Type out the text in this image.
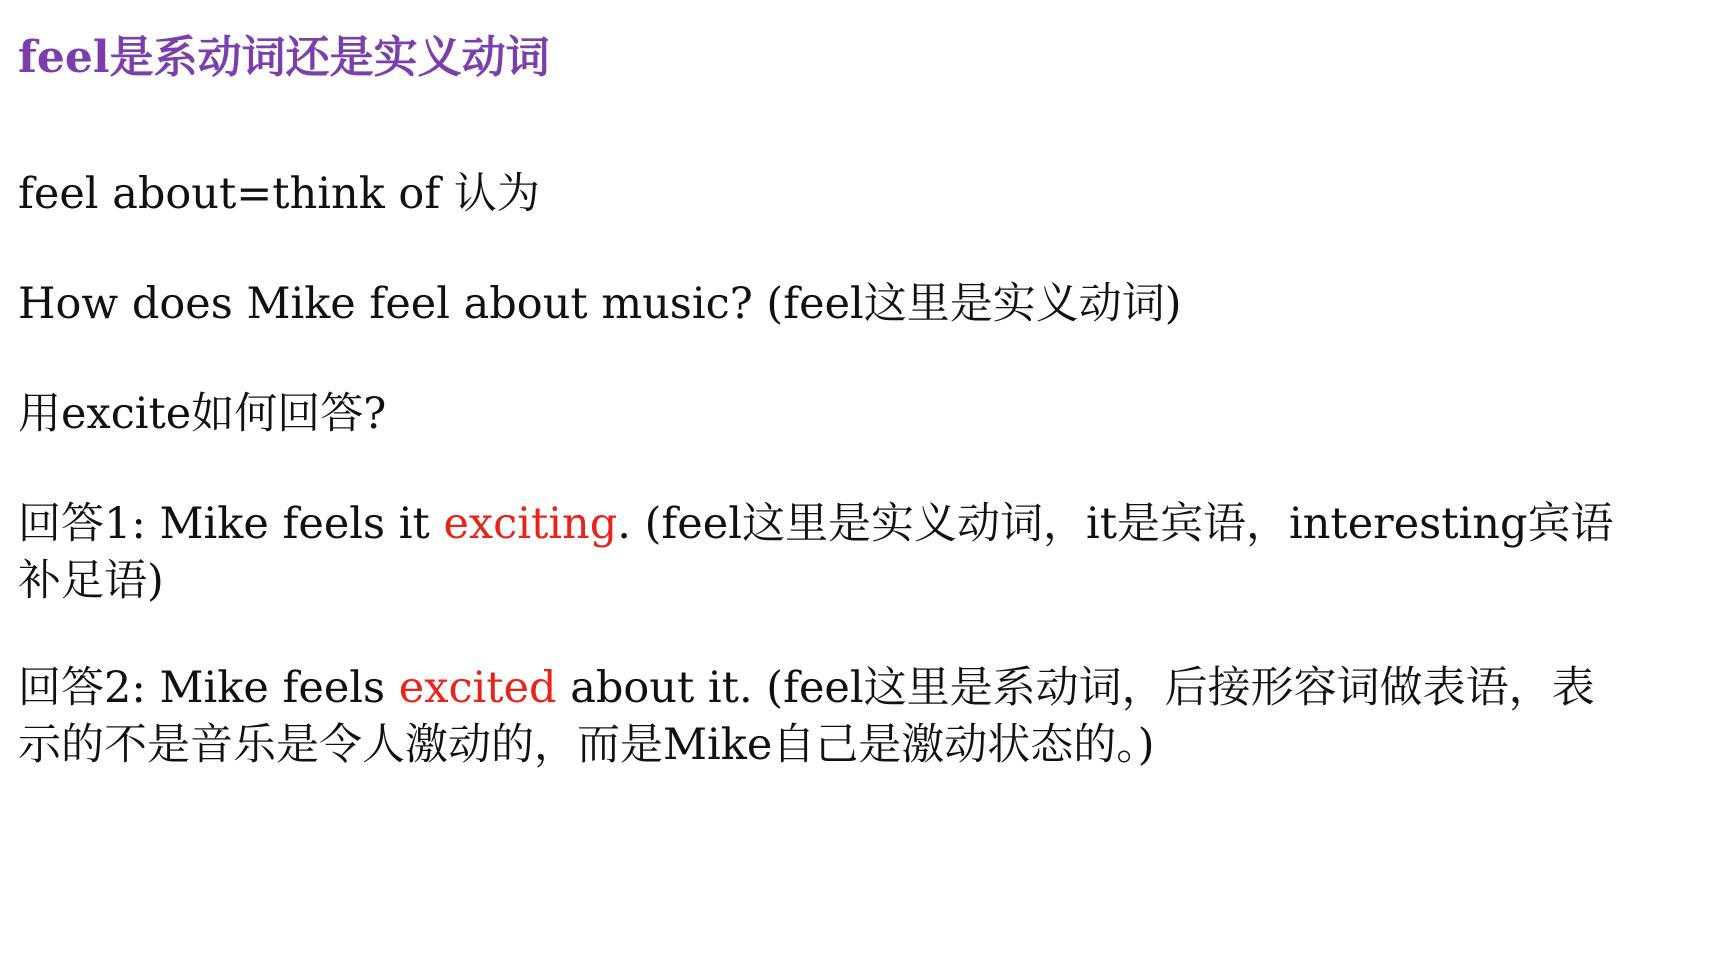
feel是系动词还是实义动词
feel about=think of 认为
How does Mike feel about music? (feel这里是实义动词)
用excite如何回答?
回答1: Mike feels it exciting. (feel这里是实义动词，it是宾语，interesting宾语
补足语)
回答2: Mike feels excited about it. (feel这里是系动词，后接形容词做表语，表
示的不是音乐是令人激动的，而是Mike自己是激动状态的。)
